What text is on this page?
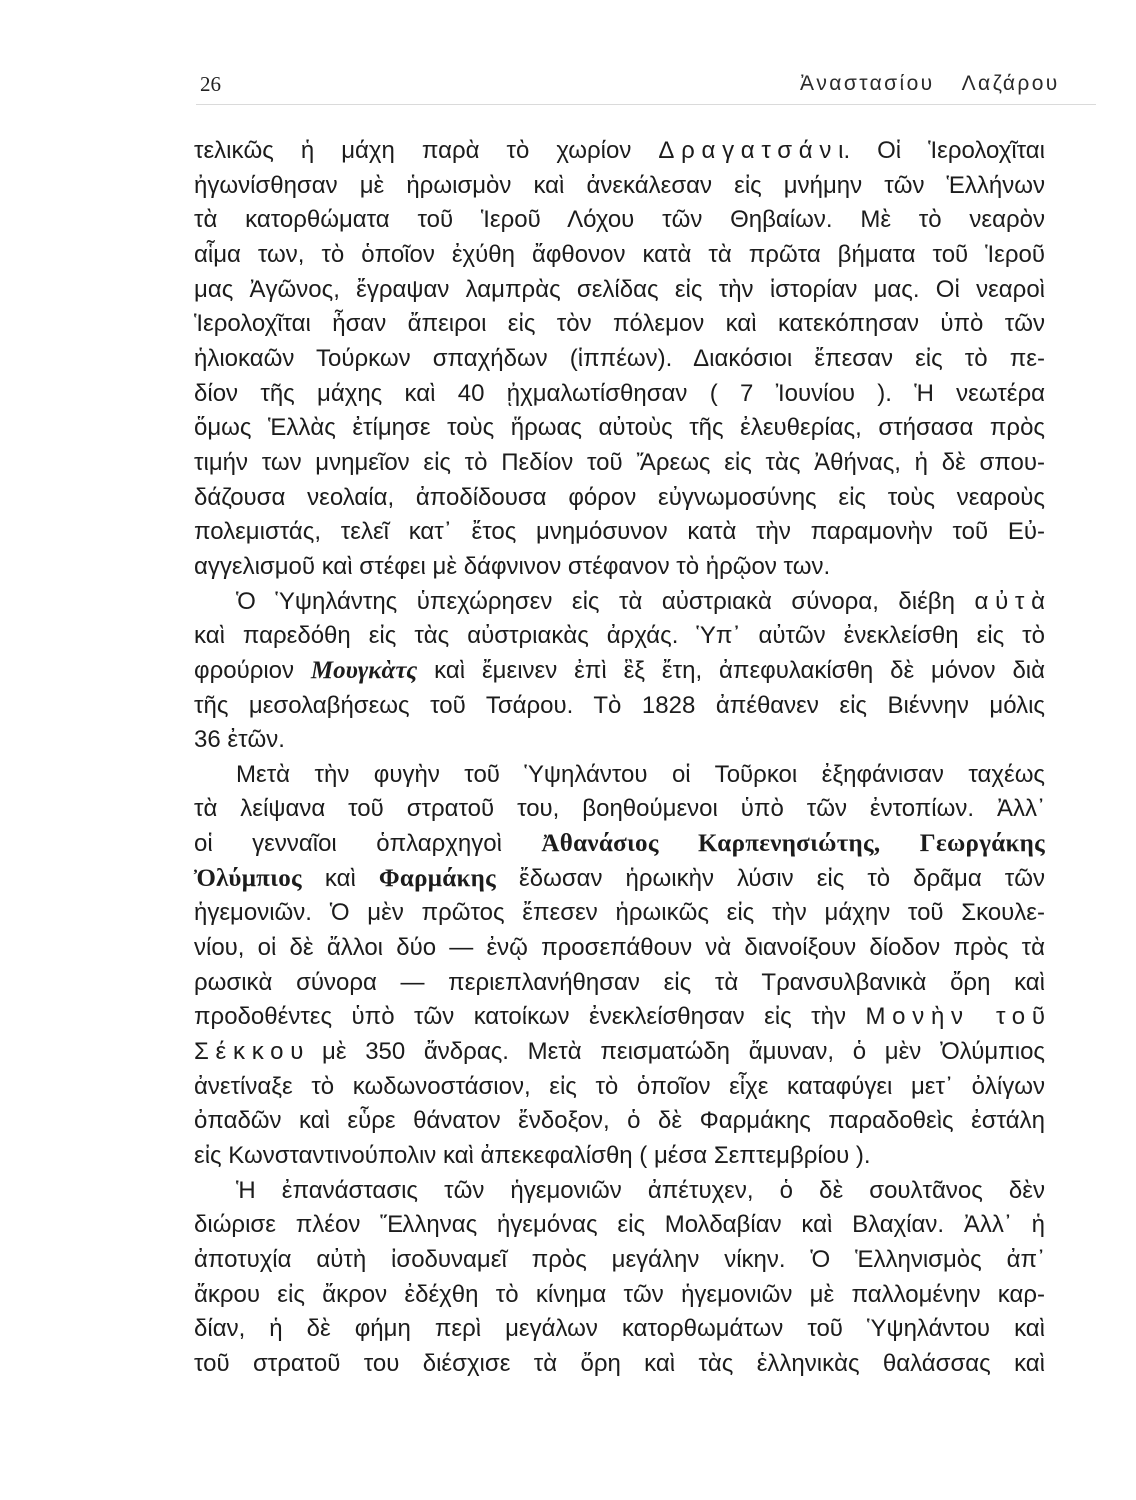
26	Ἀναστασίου Λαζάρου
τελικῶς ἡ μάχη παρὰ τὸ χωρίον Δραγατσάνι. Οἱ Ἱερολοχῖται
ἠγωνίσθησαν μὲ ἡρωισμὸν καὶ ἀνεκάλεσαν εἰς μνήμην τῶν Ἑλλήνων
τὰ κατορθώματα τοῦ Ἱεροῦ Λόχου τῶν Θηβαίων. Μὲ τὸ νεαρὸν
αἷμα των, τὸ ὁποῖον ἐχύθη ἄφθονον κατὰ τὰ πρῶτα βήματα τοῦ Ἱεροῦ
μας Ἀγῶνος, ἔγραψαν λαμπρὰς σελίδας εἰς τὴν ἱστορίαν μας. Οἱ νεαροὶ
Ἱερολοχῖται ἦσαν ἄπειροι εἰς τὸν πόλεμον καὶ κατεκόπησαν ὑπὸ τῶν
ἡλιοκαῶν Τούρκων σπαχήδων (ἱππέων). Διακόσιοι ἔπεσαν εἰς τὸ πε-
δίον τῆς μάχης καὶ 40 ᾐχμαλωτίσθησαν ( 7 Ἰουνίου ). Ἡ νεωτέρα
ὅμως Ἑλλὰς ἐτίμησε τοὺς ἥρωας αὐτοὺς τῆς ἐλευθερίας, στήσασα πρὸς
τιμήν των μνημεῖον εἰς τὸ Πεδίον τοῦ Ἄρεως εἰς τὰς Ἀθήνας, ἡ δὲ σπου-
δάζουσα νεολαία, ἀποδίδουσα φόρον εὐγνωμοσύνης εἰς τοὺς νεαροὺς
πολεμιστάς, τελεῖ κατ᾿ ἔτος μνημόσυνον κατὰ τὴν παραμονὴν τοῦ Εὐ-
αγγελισμοῦ καὶ στέφει μὲ δάφνινον στέφανον τὸ ἡρῷον των.
Ὁ Ὑψηλάντης ὑπεχώρησεν εἰς τὰ αὐστριακὰ σύνορα, διέβη αὐτὰ
καὶ παρεδόθη εἰς τὰς αὐστριακὰς ἀρχάς. Ὑπ᾿ αὐτῶν ἐνεκλείσθη εἰς τὸ
φρούριον Μουγκὰτς καὶ ἔμεινεν ἐπὶ ἓξ ἔτη, ἀπεφυλακίσθη δὲ μόνον διὰ
τῆς μεσολαβήσεως τοῦ Τσάρου. Τὸ 1828 ἀπέθανεν εἰς Βιέννην μόλις
36 ἐτῶν.
Μετὰ τὴν φυγὴν τοῦ Ὑψηλάντου οἱ Τοῦρκοι ἐξηφάνισαν ταχέως
τὰ λείψανα τοῦ στρατοῦ του, βοηθούμενοι ὑπὸ τῶν ἐντοπίων. Ἀλλ᾿
οἱ γενναῖοι ὁπλαρχηγοὶ Ἀθανάσιος Καρπενησιώτης, Γεωργάκης
Ὀλύμπιος καὶ Φαρμάκης ἔδωσαν ἡρωικὴν λύσιν εἰς τὸ δρᾶμα τῶν
ἡγεμονιῶν. Ὁ μὲν πρῶτος ἔπεσεν ἡρωικῶς εἰς τὴν μάχην τοῦ Σκουλε-
νίου, οἱ δὲ ἄλλοι δύο — ἐνῷ προσεπάθουν νὰ διανοίξουν δίοδον πρὸς τὰ
ρωσικὰ σύνορα — περιεπλανήθησαν εἰς τὰ Τρανσυλβανικὰ ὄρη καὶ
προδοθέντες ὑπὸ τῶν κατοίκων ἐνεκλείσθησαν εἰς τὴν Μονὴν τοῦ
Σέκκου μὲ 350 ἄνδρας. Μετὰ πεισματώδη ἄμυναν, ὁ μὲν Ὀλύμπιος
ἀνετίναξε τὸ κωδωνοστάσιον, εἰς τὸ ὁποῖον εἶχε καταφύγει μετ᾿ ὀλίγων
ὀπαδῶν καὶ εὗρε θάνατον ἔνδοξον, ὁ δὲ Φαρμάκης παραδοθεὶς ἐστάλη
εἰς Κωνσταντινούπολιν καὶ ἀπεκεφαλίσθη ( μέσα Σεπτεμβρίου ).
Ἡ ἐπανάστασις τῶν ἡγεμονιῶν ἀπέτυχεν, ὁ δὲ σουλτᾶνος δὲν
διώρισε πλέον Ἕλληνας ἡγεμόνας εἰς Μολδαβίαν καὶ Βλαχίαν. Ἀλλ᾿ ἡ
ἀποτυχία αὐτὴ ἰσοδυναμεῖ πρὸς μεγάλην νίκην. Ὁ Ἑλληνισμὸς ἀπ᾿
ἄκρου εἰς ἄκρον ἐδέχθη τὸ κίνημα τῶν ἡγεμονιῶν μὲ παλλομένην καρ-
δίαν, ἡ δὲ φήμη περὶ μεγάλων κατορθωμάτων τοῦ Ὑψηλάντου καὶ
τοῦ στρατοῦ του διέσχισε τὰ ὄρη καὶ τὰς ἑλληνικὰς θαλάσσας καὶ
